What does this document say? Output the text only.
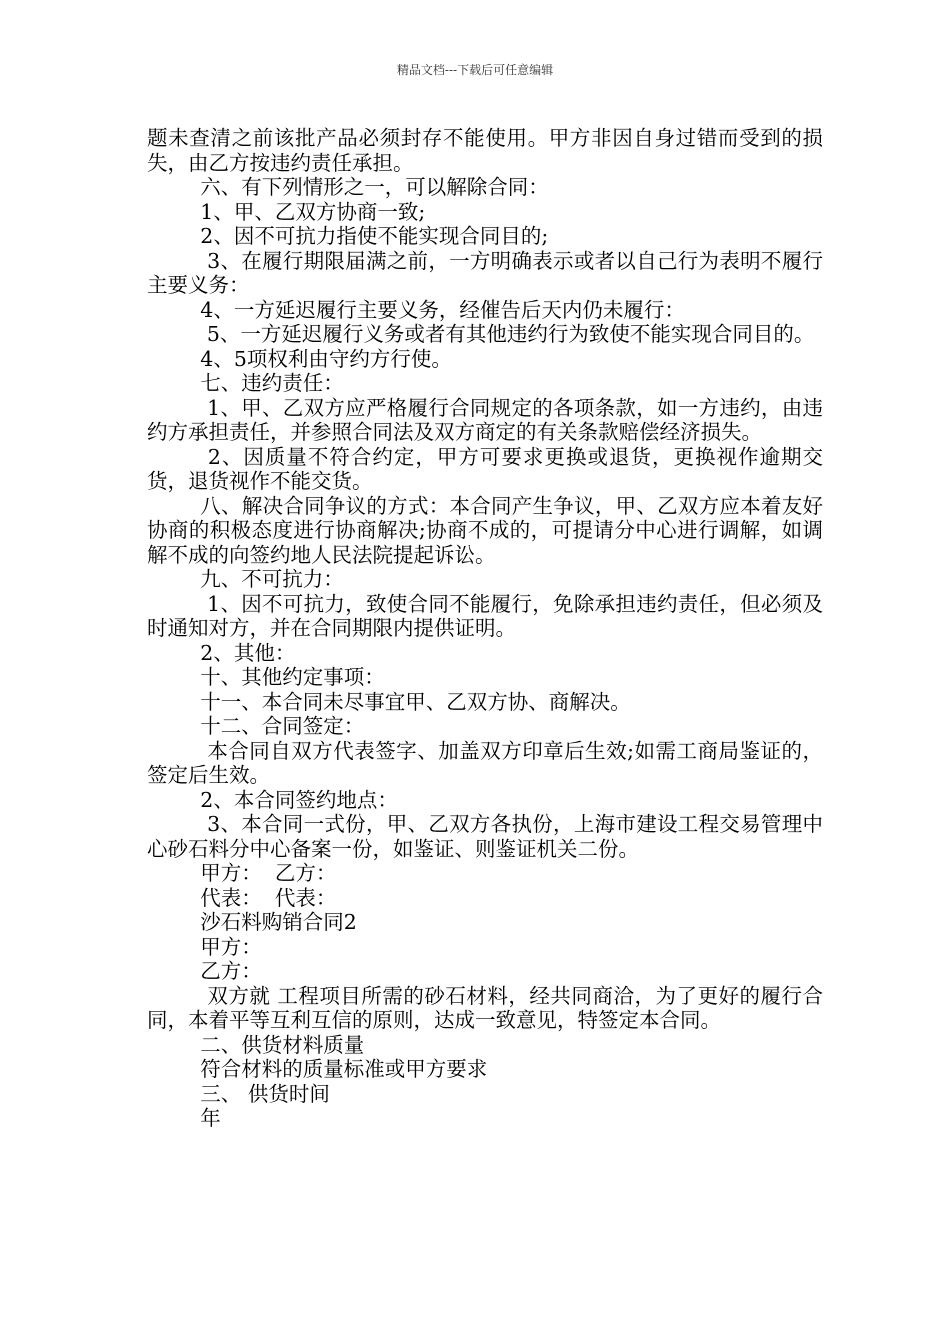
精品文档---下载后可任意编辑

题未查清之前该批产品必须封存不能使用。甲方非因自身过错而受到的损失，由乙方按违约责任承担。

六、有下列情形之一，可以解除合同：

1、甲、乙双方协商一致;

2、因不可抗力指使不能实现合同目的;

3、在履行期限届满之前，一方明确表示或者以自己行为表明不履行主要义务：

4、一方延迟履行主要义务，经催告后天内仍未履行：

5、一方延迟履行义务或者有其他违约行为致使不能实现合同目的。

4、5项权利由守约方行使。

七、违约责任：

1、甲、乙双方应严格履行合同规定的各项条款，如一方违约，由违约方承担责任，并参照合同法及双方商定的有关条款赔偿经济损失。

2、因质量不符合约定，甲方可要求更换或退货，更换视作逾期交货，退货视作不能交货。

八、解决合同争议的方式：本合同产生争议，甲、乙双方应本着友好协商的积极态度进行协商解决;协商不成的，可提请分中心进行调解，如调解不成的向签约地人民法院提起诉讼。

九、不可抗力：

1、因不可抗力，致使合同不能履行，免除承担违约责任，但必须及时通知对方，并在合同期限内提供证明。

2、其他：

十、其他约定事项：

十一、本合同未尽事宜甲、乙双方协、商解决。

十二、合同签定：

本合同自双方代表签字、加盖双方印章后生效;如需工商局鉴证的，签定后生效。

2、本合同签约地点：

3、本合同一式份，甲、乙双方各执份，上海市建设工程交易管理中心砂石料分中心备案一份，如鉴证、则鉴证机关二份。

甲方：  乙方：

代表：  代表：

沙石料购销合同2

甲方：

乙方：

双方就 工程项目所需的砂石材料，经共同商洽，为了更好的履行合同，本着平等互利互信的原则，达成一致意见，特签定本合同。

二、供货材料质量

符合材料的质量标准或甲方要求

三、 供货时间

年
